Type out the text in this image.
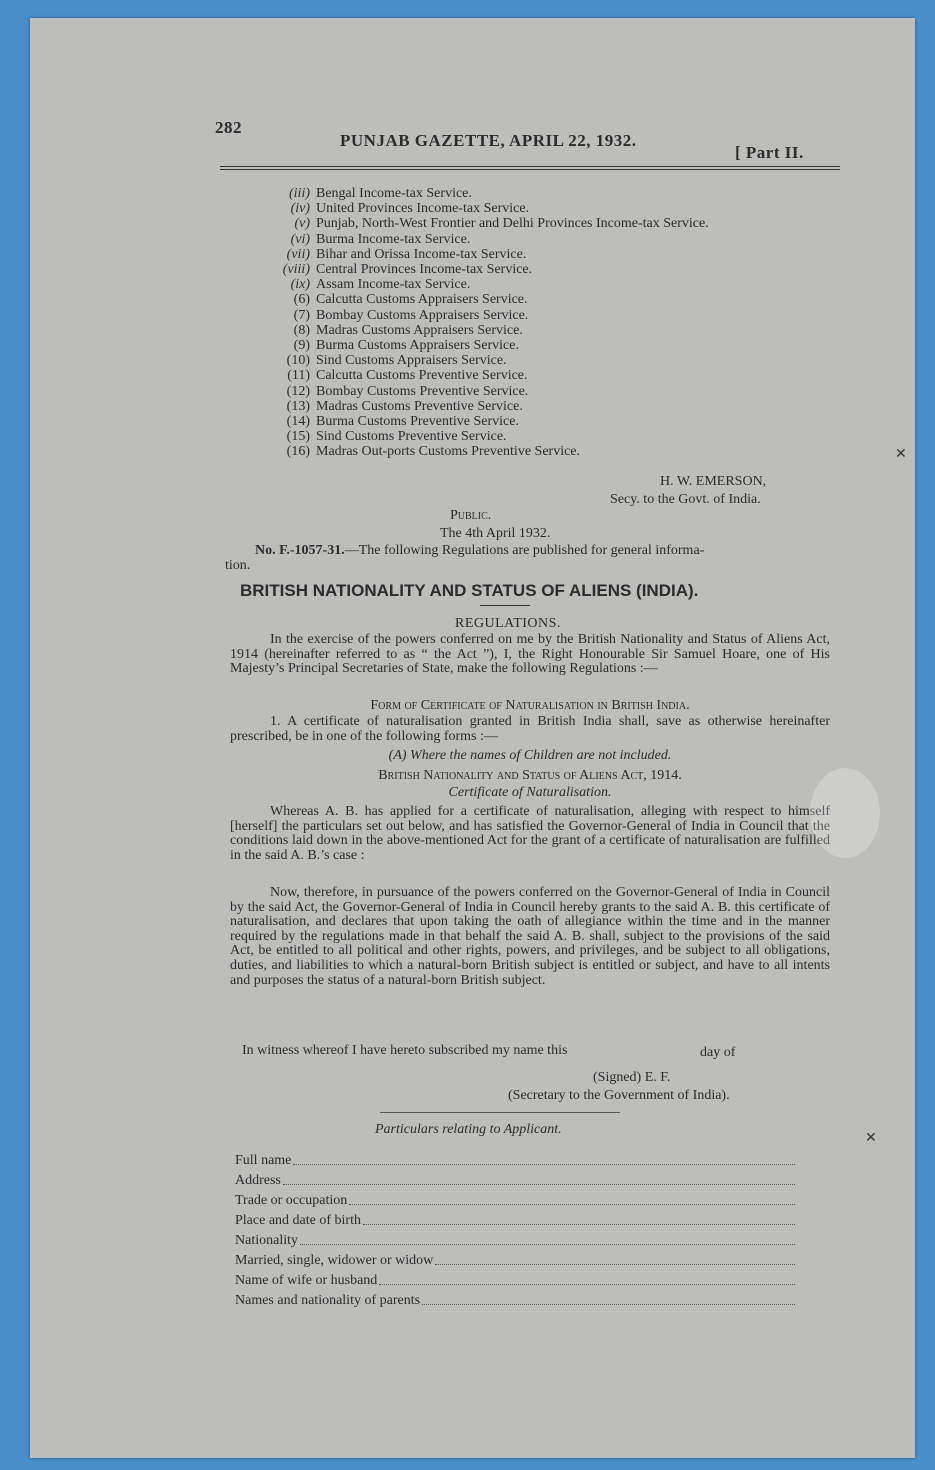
282
PUNJAB GAZETTE, APRIL 22, 1932.
[ Part II.
(iii) Bengal Income-tax Service.
(iv) United Provinces Income-tax Service.
(v) Punjab, North-West Frontier and Delhi Provinces Income-tax Service.
(vi) Burma Income-tax Service.
(vii) Bihar and Orissa Income-tax Service.
(viii) Central Provinces Income-tax Service.
(ix) Assam Income-tax Service.
(6) Calcutta Customs Appraisers Service.
(7) Bombay Customs Appraisers Service.
(8) Madras Customs Appraisers Service.
(9) Burma Customs Appraisers Service.
(10) Sind Customs Appraisers Service.
(11) Calcutta Customs Preventive Service.
(12) Bombay Customs Preventive Service.
(13) Madras Customs Preventive Service.
(14) Burma Customs Preventive Service.
(15) Sind Customs Preventive Service.
(16) Madras Out-ports Customs Preventive Service.
H. W. EMERSON,
Secy. to the Govt. of India.
Public.
The 4th April 1932.
No. F.-1057-31.—The following Regulations are published for general informa-
tion.
BRITISH NATIONALITY AND STATUS OF ALIENS (INDIA).
REGULATIONS.
In the exercise of the powers conferred on me by the British Nationality and Status of Aliens Act, 1914 (hereinafter referred to as “ the Act ”), I, the Right Honourable Sir Samuel Hoare, one of His Majesty’s Principal Secretaries of State, make the following Regulations :—
Form of Certificate of Naturalisation in British India.
1. A certificate of naturalisation granted in British India shall, save as otherwise hereinafter prescribed, be in one of the following forms :—
(A) Where the names of Children are not included.
British Nationality and Status of Aliens Act, 1914.
Certificate of Naturalisation.
Whereas A. B. has applied for a certificate of naturalisation, alleging with respect to himself [herself] the particulars set out below, and has satisfied the Governor-General of India in Council that the conditions laid down in the above-mentioned Act for the grant of a certificate of naturalisation are fulfilled in the said A. B.’s case :
Now, therefore, in pursuance of the powers conferred on the Governor-General of India in Council by the said Act, the Governor-General of India in Council hereby grants to the said A. B. this certificate of naturalisation, and declares that upon taking the oath of allegiance within the time and in the manner required by the regulations made in that behalf the said A. B. shall, subject to the provisions of the said Act, be entitled to all political and other rights, powers, and privileges, and be subject to all obligations, duties, and liabilities to which a natural-born British subject is entitled or subject, and have to all intents and purposes the status of a natural-born British subject.
In witness whereof I have hereto subscribed my name this	day of
(Signed) E. F.
(Secretary to the Government of India).
Particulars relating to Applicant.
Full name
Address
Trade or occupation
Place and date of birth
Nationality
Married, single, widower or widow
Name of wife or husband
Names and nationality of parents
✕
✕
